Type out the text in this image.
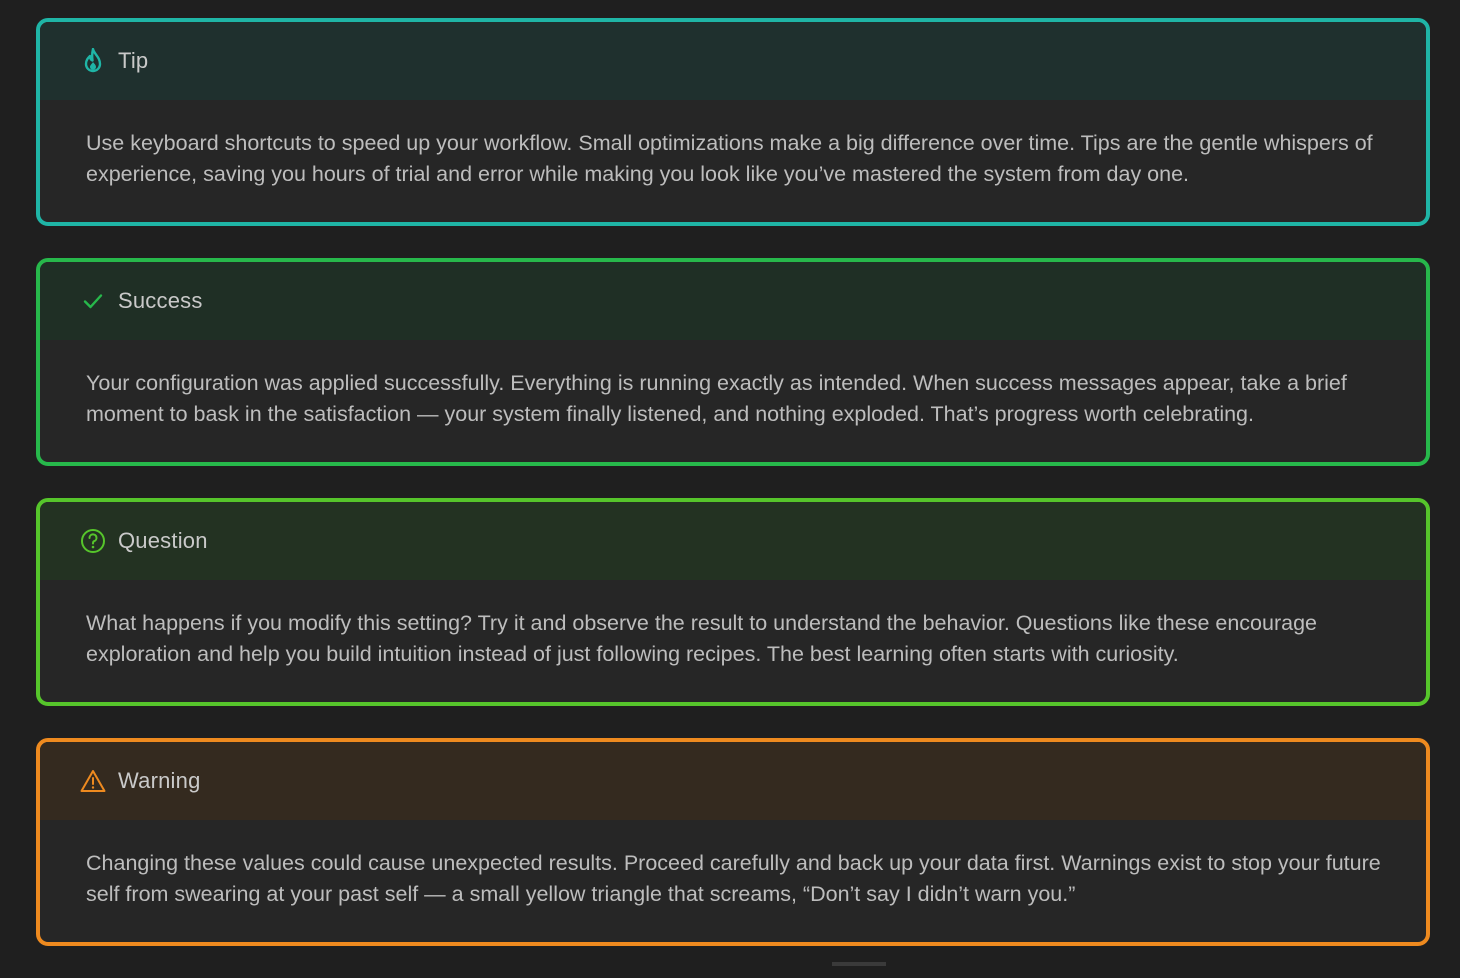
Tip
Use keyboard shortcuts to speed up your workflow. Small optimizations make a big difference over time. Tips are the gentle whispers of experience, saving you hours of trial and error while making you look like you’ve mastered the system from day one.
Success
Your configuration was applied successfully. Everything is running exactly as intended. When success messages appear, take a brief moment to bask in the satisfaction — your system finally listened, and nothing exploded. That’s progress worth celebrating.
Question
What happens if you modify this setting? Try it and observe the result to understand the behavior. Questions like these encourage exploration and help you build intuition instead of just following recipes. The best learning often starts with curiosity.
Warning
Changing these values could cause unexpected results. Proceed carefully and back up your data first. Warnings exist to stop your future self from swearing at your past self — a small yellow triangle that screams, “Don’t say I didn’t warn you.”
